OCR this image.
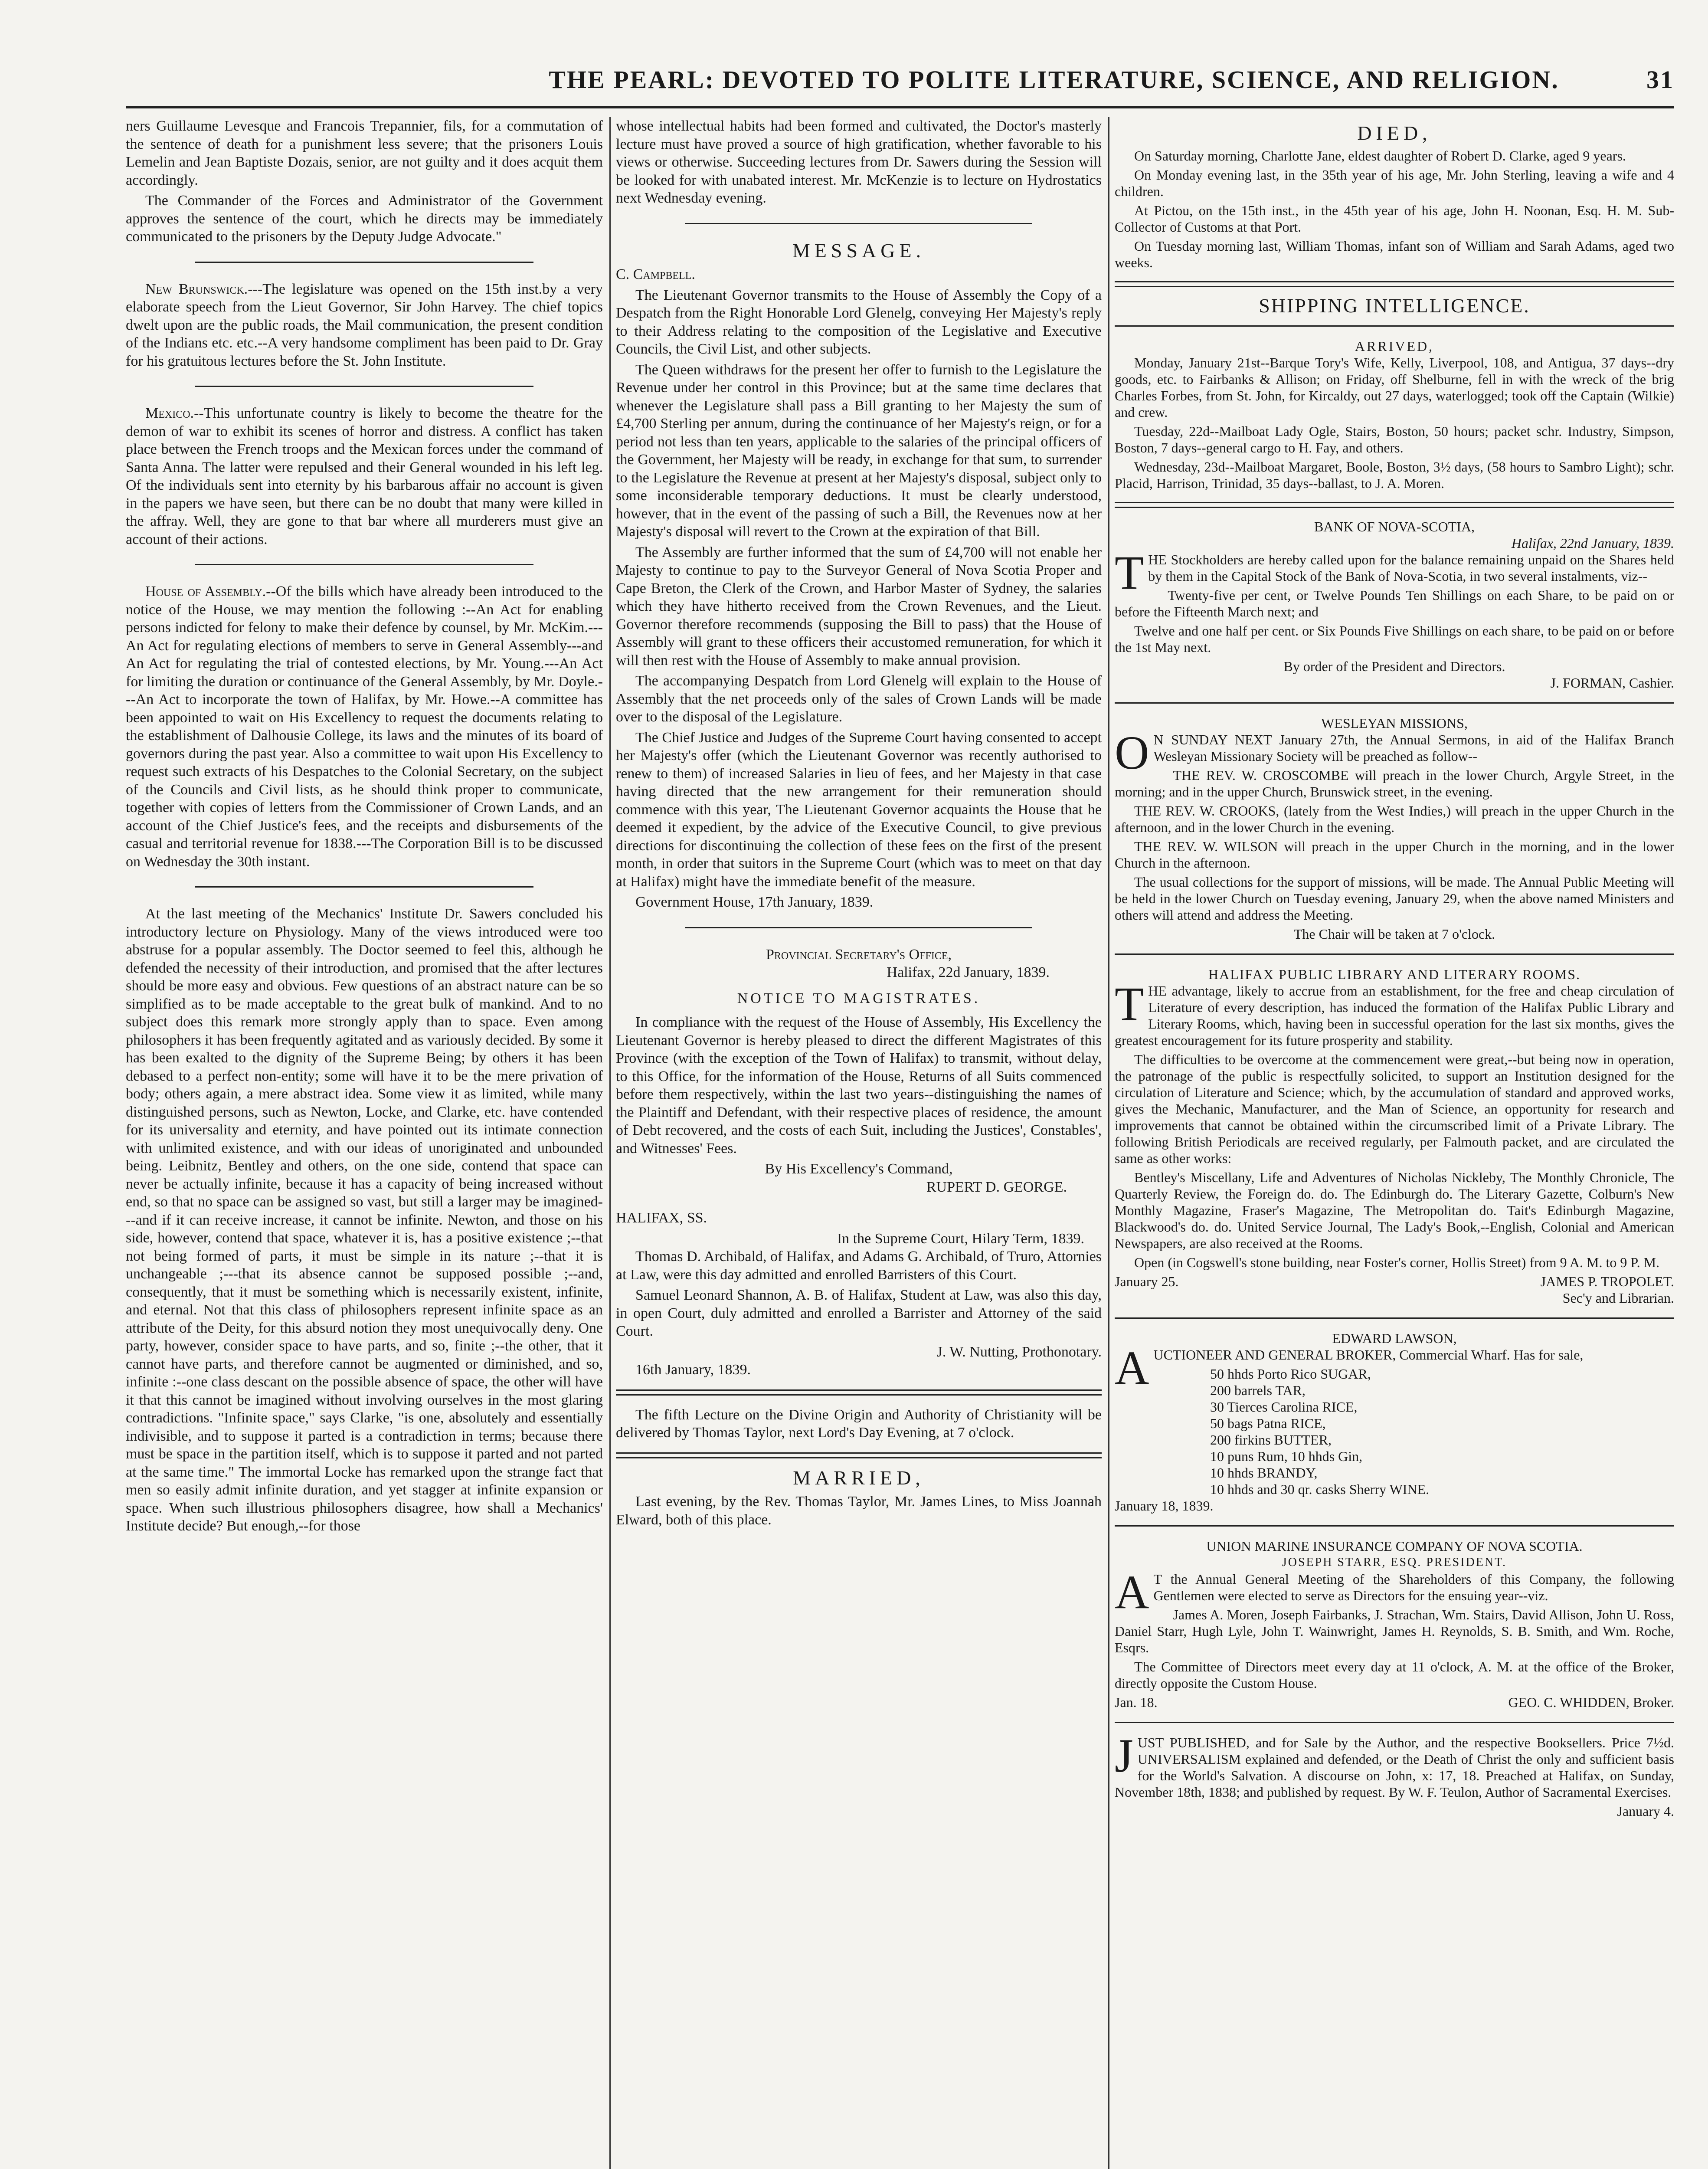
THE PEARL: DEVOTED TO POLITE LITERATURE, SCIENCE, AND RELIGION.	31

ners Guillaume Levesque and Francois Trepannier, fils, for a commutation of the sentence of death for a punishment less severe; that the prisoners Louis Lemelin and Jean Baptiste Dozais, senior, are not guilty and it does acquit them accordingly.

The Commander of the Forces and Administrator of the Government approves the sentence of the court, which he directs may be immediately communicated to the prisoners by the Deputy Judge Advocate."

New Brunswick.---The legislature was opened on the 15th inst.by a very elaborate speech from the Lieut Governor, Sir John Harvey. The chief topics dwelt upon are the public roads, the Mail communication, the present condition of the Indians etc. etc.--A very handsome compliment has been paid to Dr. Gray for his gratuitous lectures before the St. John Institute.

Mexico.--This unfortunate country is likely to become the theatre for the demon of war to exhibit its scenes of horror and distress. A conflict has taken place between the French troops and the Mexican forces under the command of Santa Anna. The latter were repulsed and their General wounded in his left leg. Of the individuals sent into eternity by his barbarous affair no account is given in the papers we have seen, but there can be no doubt that many were killed in the affray. Well, they are gone to that bar where all murderers must give an account of their actions.

House of Assembly.--Of the bills which have already been introduced to the notice of the House, we may mention the following :--An Act for enabling persons indicted for felony to make their defence by counsel, by Mr. McKim.---An Act for regulating elections of members to serve in General Assembly---and An Act for regulating the trial of contested elections, by Mr. Young.---An Act for limiting the duration or continuance of the General Assembly, by Mr. Doyle.---An Act to incorporate the town of Halifax, by Mr. Howe.--A committee has been appointed to wait on His Excellency to request the documents relating to the establishment of Dalhousie College, its laws and the minutes of its board of governors during the past year. Also a committee to wait upon His Excellency to request such extracts of his Despatches to the Colonial Secretary, on the subject of the Councils and Civil lists, as he should think proper to communicate, together with copies of letters from the Commissioner of Crown Lands, and an account of the Chief Justice's fees, and the receipts and disbursements of the casual and territorial revenue for 1838.---The Corporation Bill is to be discussed on Wednesday the 30th instant.

At the last meeting of the Mechanics' Institute Dr. Sawers concluded his introductory lecture on Physiology. Many of the views introduced were too abstruse for a popular assembly. The Doctor seemed to feel this, although he defended the necessity of their introduction, and promised that the after lectures should be more easy and obvious. Few questions of an abstract nature can be so simplified as to be made acceptable to the great bulk of mankind. And to no subject does this remark more strongly apply than to space. Even among philosophers it has been frequently agitated and as variously decided. By some it has been exalted to the dignity of the Supreme Being; by others it has been debased to a perfect non-entity; some will have it to be the mere privation of body; others again, a mere abstract idea. Some view it as limited, while many distinguished persons, such as Newton, Locke, and Clarke, etc. have contended for its universality and eternity, and have pointed out its intimate connection with unlimited existence, and with our ideas of unoriginated and unbounded being. Leibnitz, Bentley and others, on the one side, contend that space can never be actually infinite, because it has a capacity of being increased without end, so that no space can be assigned so vast, but still a larger may be imagined---and if it can receive increase, it cannot be infinite. Newton, and those on his side, however, contend that space, whatever it is, has a positive existence ;--that not being formed of parts, it must be simple in its nature ;--that it is unchangeable ;---that its absence cannot be supposed possible ;--and, consequently, that it must be something which is necessarily existent, infinite, and eternal. Not that this class of philosophers represent infinite space as an attribute of the Deity, for this absurd notion they most unequivocally deny. One party, however, consider space to have parts, and so, finite ;--the other, that it cannot have parts, and therefore cannot be augmented or diminished, and so, infinite :--one class descant on the possible absence of space, the other will have it that this cannot be imagined without involving ourselves in the most glaring contradictions. "Infinite space," says Clarke, "is one, absolutely and essentially indivisible, and to suppose it parted is a contradiction in terms; because there must be space in the partition itself, which is to suppose it parted and not parted at the same time." The immortal Locke has remarked upon the strange fact that men so easily admit infinite duration, and yet stagger at infinite expansion or space. When such illustrious philosophers disagree, how shall a Mechanics' Institute decide? But enough,--for those

whose intellectual habits had been formed and cultivated, the Doctor's masterly lecture must have proved a source of high gratification, whether favorable to his views or otherwise. Succeeding lectures from Dr. Sawers during the Session will be looked for with unabated interest. Mr. McKenzie is to lecture on Hydrostatics next Wednesday evening.

MESSAGE.

C. Campbell.

The Lieutenant Governor transmits to the House of Assembly the Copy of a Despatch from the Right Honorable Lord Glenelg, conveying Her Majesty's reply to their Address relating to the composition of the Legislative and Executive Councils, the Civil List, and other subjects.

The Queen withdraws for the present her offer to furnish to the Legislature the Revenue under her control in this Province; but at the same time declares that whenever the Legislature shall pass a Bill granting to her Majesty the sum of £4,700 Sterling per annum, during the continuance of her Majesty's reign, or for a period not less than ten years, applicable to the salaries of the principal officers of the Government, her Majesty will be ready, in exchange for that sum, to surrender to the Legislature the Revenue at present at her Majesty's disposal, subject only to some inconsiderable temporary deductions. It must be clearly understood, however, that in the event of the passing of such a Bill, the Revenues now at her Majesty's disposal will revert to the Crown at the expiration of that Bill.

The Assembly are further informed that the sum of £4,700 will not enable her Majesty to continue to pay to the Surveyor General of Nova Scotia Proper and Cape Breton, the Clerk of the Crown, and Harbor Master of Sydney, the salaries which they have hitherto received from the Crown Revenues, and the Lieut. Governor therefore recommends (supposing the Bill to pass) that the House of Assembly will grant to these officers their accustomed remuneration, for which it will then rest with the House of Assembly to make annual provision.

The accompanying Despatch from Lord Glenelg will explain to the House of Assembly that the net proceeds only of the sales of Crown Lands will be made over to the disposal of the Legislature.

The Chief Justice and Judges of the Supreme Court having consented to accept her Majesty's offer (which the Lieutenant Governor was recently authorised to renew to them) of increased Salaries in lieu of fees, and her Majesty in that case having directed that the new arrangement for their remuneration should commence with this year, The Lieutenant Governor acquaints the House that he deemed it expedient, by the advice of the Executive Council, to give previous directions for discontinuing the collection of these fees on the first of the present month, in order that suitors in the Supreme Court (which was to meet on that day at Halifax) might have the immediate benefit of the measure.

Government House, 17th January, 1839.

Provincial Secretary's Office,
Halifax, 22d January, 1839.
NOTICE TO MAGISTRATES.

In compliance with the request of the House of Assembly, His Excellency the Lieutenant Governor is hereby pleased to direct the different Magistrates of this Province (with the exception of the Town of Halifax) to transmit, without delay, to this Office, for the information of the House, Returns of all Suits commenced before them respectively, within the last two years--distinguishing the names of the Plaintiff and Defendant, with their respective places of residence, the amount of Debt recovered, and the costs of each Suit, including the Justices', Constables', and Witnesses' Fees.

By His Excellency's Command,
RUPERT D. GEORGE.

HALIFAX, SS.

In the Supreme Court, Hilary Term, 1839.

Thomas D. Archibald, of Halifax, and Adams G. Archibald, of Truro, Attornies at Law, were this day admitted and enrolled Barristers of this Court.

Samuel Leonard Shannon, A. B. of Halifax, Student at Law, was also this day, in open Court, duly admitted and enrolled a Barrister and Attorney of the said Court.

J. W. Nutting, Prothonotary.

16th January, 1839.

The fifth Lecture on the Divine Origin and Authority of Christianity will be delivered by Thomas Taylor, next Lord's Day Evening, at 7 o'clock.

MARRIED,

Last evening, by the Rev. Thomas Taylor, Mr. James Lines, to Miss Joannah Elward, both of this place.

DIED,

On Saturday morning, Charlotte Jane, eldest daughter of Robert D. Clarke, aged 9 years.

On Monday evening last, in the 35th year of his age, Mr. John Sterling, leaving a wife and 4 children.

At Pictou, on the 15th inst., in the 45th year of his age, John H. Noonan, Esq. H. M. Sub-Collector of Customs at that Port.

On Tuesday morning last, William Thomas, infant son of William and Sarah Adams, aged two weeks.

SHIPPING INTELLIGENCE.
ARRIVED,

Monday, January 21st--Barque Tory's Wife, Kelly, Liverpool, 108, and Antigua, 37 days--dry goods, etc. to Fairbanks & Allison; on Friday, off Shelburne, fell in with the wreck of the brig Charles Forbes, from St. John, for Kircaldy, out 27 days, waterlogged; took off the Captain (Wilkie) and crew.

Tuesday, 22d--Mailboat Lady Ogle, Stairs, Boston, 50 hours; packet schr. Industry, Simpson, Boston, 7 days--general cargo to H. Fay, and others.

Wednesday, 23d--Mailboat Margaret, Boole, Boston, 3½ days, (58 hours to Sambro Light); schr. Placid, Harrison, Trinidad, 35 days--ballast, to J. A. Moren.

BANK OF NOVA-SCOTIA,
Halifax, 22nd January, 1839.

THE Stockholders are hereby called upon for the balance remaining unpaid on the Shares held by them in the Capital Stock of the Bank of Nova-Scotia, in two several instalments, viz--

Twenty-five per cent, or Twelve Pounds Ten Shillings on each Share, to be paid on or before the Fifteenth March next; and

Twelve and one half per cent. or Six Pounds Five Shillings on each share, to be paid on or before the 1st May next.

By order of the President and Directors.
J. FORMAN, Cashier.
WESLEYAN MISSIONS,

O N SUNDAY NEXT January 27th, the Annual Sermons, in aid of the Halifax Branch Wesleyan Missionary Society will be preached as follow--

THE REV. W. CROSCOMBE will preach in the lower Church, Argyle Street, in the morning; and in the upper Church, Brunswick street, in the evening.

THE REV. W. CROOKS, (lately from the West Indies,) will preach in the upper Church in the afternoon, and in the lower Church in the evening.

THE REV. W. WILSON will preach in the upper Church in the morning, and in the lower Church in the afternoon.

The usual collections for the support of missions, will be made. The Annual Public Meeting will be held in the lower Church on Tuesday evening, January 29, when the above named Ministers and others will attend and address the Meeting.

The Chair will be taken at 7 o'clock.
HALIFAX PUBLIC LIBRARY AND LITERARY ROOMS.

THE advantage, likely to accrue from an establishment, for the free and cheap circulation of Literature of every description, has induced the formation of the Halifax Public Library and Literary Rooms, which, having been in successful operation for the last six months, gives the greatest encouragement for its future prosperity and stability.

The difficulties to be overcome at the commencement were great,--but being now in operation, the patronage of the public is respectfully solicited, to support an Institution designed for the circulation of Literature and Science; which, by the accumulation of standard and approved works, gives the Mechanic, Manufacturer, and the Man of Science, an opportunity for research and improvements that cannot be obtained within the circumscribed limit of a Private Library. The following British Periodicals are received regularly, per Falmouth packet, and are circulated the same as other works:

Bentley's Miscellany, Life and Adventures of Nicholas Nickleby, The Monthly Chronicle, The Quarterly Review, the Foreign do. do. The Edinburgh do. The Literary Gazette, Colburn's New Monthly Magazine, Fraser's Magazine, The Metropolitan do. Tait's Edinburgh Magazine, Blackwood's do. do. United Service Journal, The Lady's Book,--English, Colonial and American Newspapers, are also received at the Rooms.

Open (in Cogswell's stone building, near Foster's corner, Hollis Street) from 9 A. M. to 9 P. M.

January 25.	JAMES P. TROPOLET.
Sec'y and Librarian.
EDWARD LAWSON,

AUCTIONEER AND GENERAL BROKER, Commercial Wharf. Has for sale,

50 hhds Porto Rico SUGAR,
200 barrels TAR,
30 Tierces Carolina RICE,
50 bags Patna RICE,
200 firkins BUTTER,
10 puns Rum, 10 hhds Gin,
10 hhds BRANDY,
10 hhds and 30 qr. casks Sherry WINE.

January 18, 1839.

UNION MARINE INSURANCE COMPANY OF NOVA SCOTIA.
JOSEPH STARR, ESQ. PRESIDENT.

A T the Annual General Meeting of the Shareholders of this Company, the following Gentlemen were elected to serve as Directors for the ensuing year--viz.

James A. Moren, Joseph Fairbanks, J. Strachan, Wm. Stairs, David Allison, John U. Ross, Daniel Starr, Hugh Lyle, John T. Wainwright, James H. Reynolds, S. B. Smith, and Wm. Roche, Esqrs.

The Committee of Directors meet every day at 11 o'clock, A. M. at the office of the Broker, directly opposite the Custom House.

Jan. 18.	GEO. C. WHIDDEN, Broker.

JUST PUBLISHED, and for Sale by the Author, and the respective Booksellers. Price 7½d. UNIVERSALISM explained and defended, or the Death of Christ the only and sufficient basis for the World's Salvation. A discourse on John, x: 17, 18. Preached at Halifax, on Sunday, November 18th, 1838; and published by request. By W. F. Teulon, Author of Sacramental Exercises.

January 4.
